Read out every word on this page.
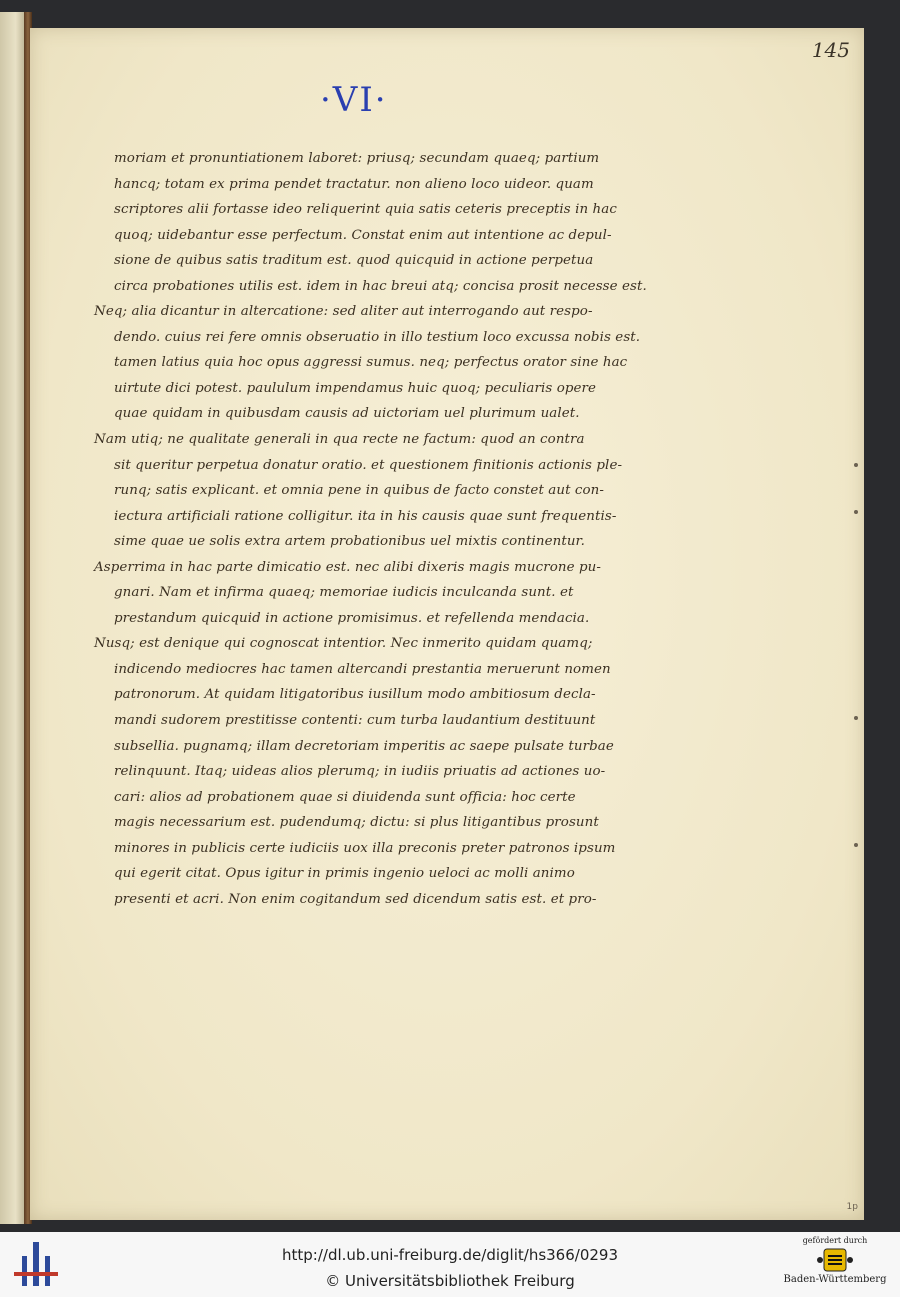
145
·VI·
moriam et pronuntiationem laboret: priusq; secundam quaeq; partium
hancq; totam ex prima pendet tractatur. non alieno loco uideor. quam
scriptores alii fortasse ideo reliquerint quia satis ceteris preceptis in hac
quoq; uidebantur esse perfectum. Constat enim aut intentione ac depul-
sione de quibus satis traditum est. quod quicquid in actione perpetua
circa probationes utilis est. idem in hac breui atq; concisa prosit necesse est.
Neq; alia dicantur in altercatione: sed aliter aut interrogando aut respo-
dendo. cuius rei fere omnis obseruatio in illo testium loco excussa nobis est.
tamen latius quia hoc opus aggressi sumus. neq; perfectus orator sine hac
uirtute dici potest. paululum impendamus huic quoq; peculiaris opere
quae quidam in quibusdam causis ad uictoriam uel plurimum ualet.
Nam utiq; ne qualitate generali in qua recte ne factum: quod an contra
sit queritur perpetua donatur oratio. et questionem finitionis actionis ple-
runq; satis explicant. et omnia pene in quibus de facto constet aut con-
iectura artificiali ratione colligitur. ita in his causis quae sunt frequentis-
sime quae ue solis extra artem probationibus uel mixtis continentur.
Asperrima in hac parte dimicatio est. nec alibi dixeris magis mucrone pu-
gnari. Nam et infirma quaeq; memoriae iudicis inculcanda sunt. et
prestandum quicquid in actione promisimus. et refellenda mendacia.
Nusq; est denique qui cognoscat intentior. Nec inmerito quidam quamq;
indicendo mediocres hac tamen altercandi prestantia meruerunt nomen
patronorum. At quidam litigatoribus iusillum modo ambitiosum decla-
mandi sudorem prestitisse contenti: cum turba laudantium destituunt
subsellia. pugnamq; illam decretoriam imperitis ac saepe pulsate turbae
relinquunt. Itaq; uideas alios plerumq; in iudiis priuatis ad actiones uo-
cari: alios ad probationem quae si diuidenda sunt officia: hoc certe
magis necessarium est. pudendumq; dictu: si plus litigantibus prosunt
minores in publicis certe iudiciis uox illa preconis preter patronos ipsum
qui egerit citat. Opus igitur in primis ingenio ueloci ac molli animo
presenti et acri. Non enim cogitandum sed dicendum satis est. et pro-
1p
http://dl.ub.uni-freiburg.de/diglit/hs366/0293
© Universitätsbibliothek Freiburg
gefördert durch
Baden-Württemberg
